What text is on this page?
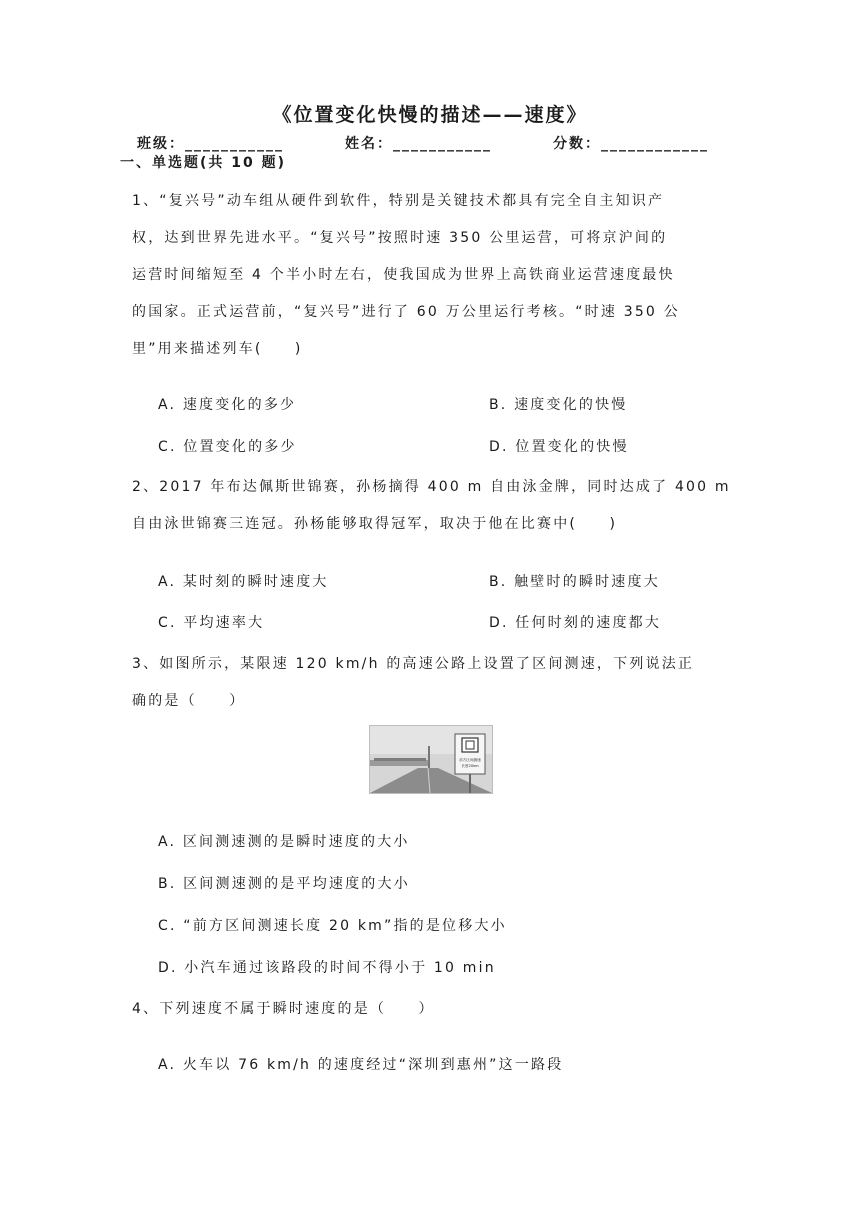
《位置变化快慢的描述——速度》
班级：___________	姓名：___________	分数：____________
一、单选题(共 10 题)
1、“复兴号”动车组从硬件到软件，特别是关键技术都具有完全自主知识产
权，达到世界先进水平。“复兴号”按照时速 350 公里运营，可将京沪间的
运营时间缩短至 4 个半小时左右，使我国成为世界上高铁商业运营速度最快
的国家。正式运营前，“复兴号”进行了 60 万公里运行考核。“时速 350 公
里”用来描述列车(　　)
A. 速度变化的多少	B. 速度变化的快慢
C. 位置变化的多少	D. 位置变化的快慢
2、2017 年布达佩斯世锦赛，孙杨摘得 400 m 自由泳金牌，同时达成了 400 m
自由泳世锦赛三连冠。孙杨能够取得冠军，取决于他在比赛中(　　)
A. 某时刻的瞬时速度大	B. 触壁时的瞬时速度大
C. 平均速率大	D. 任何时刻的速度都大
3、如图所示，某限速 120 km/h 的高速公路上设置了区间测速，下列说法正
确的是（　　）
前方区间测速
长度20km
A. 区间测速测的是瞬时速度的大小
B. 区间测速测的是平均速度的大小
C. “前方区间测速长度 20 km”指的是位移大小
D. 小汽车通过该路段的时间不得小于 10 min
4、下列速度不属于瞬时速度的是（　　）
A. 火车以 76 km/h 的速度经过“深圳到惠州”这一路段
